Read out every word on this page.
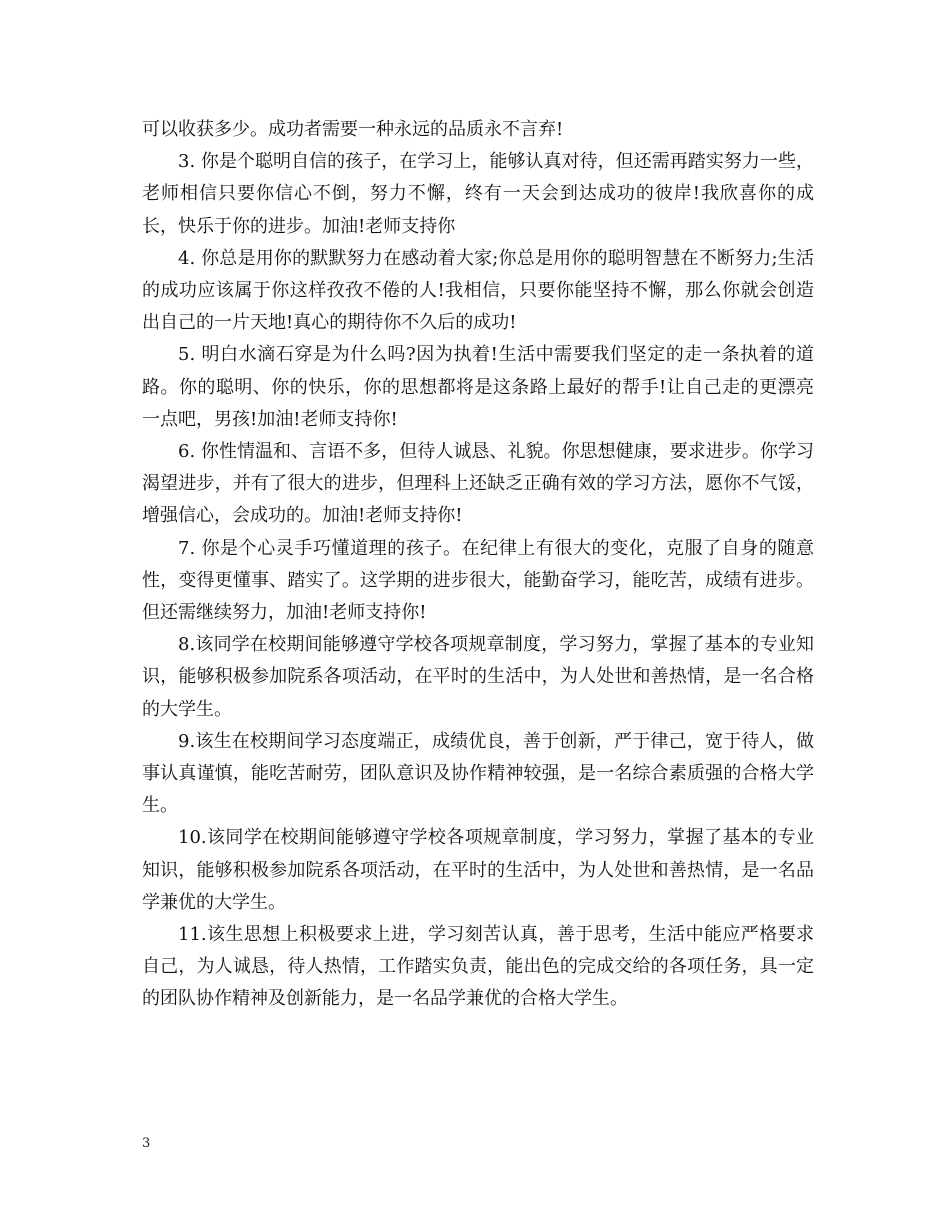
可以收获多少。成功者需要一种永远的品质永不言弃!

3. 你是个聪明自信的孩子，在学习上，能够认真对待，但还需再踏实努力一些，老师相信只要你信心不倒，努力不懈，终有一天会到达成功的彼岸!我欣喜你的成长，快乐于你的进步。加油!老师支持你

4. 你总是用你的默默努力在感动着大家;你总是用你的聪明智慧在不断努力;生活的成功应该属于你这样孜孜不倦的人!我相信，只要你能坚持不懈，那么你就会创造出自己的一片天地!真心的期待你不久后的成功!

5. 明白水滴石穿是为什么吗?因为执着!生活中需要我们坚定的走一条执着的道路。你的聪明、你的快乐，你的思想都将是这条路上最好的帮手!让自己走的更漂亮一点吧，男孩!加油!老师支持你!

6. 你性情温和、言语不多，但待人诚恳、礼貌。你思想健康，要求进步。你学习渴望进步，并有了很大的进步，但理科上还缺乏正确有效的学习方法，愿你不气馁，增强信心，会成功的。加油!老师支持你!

7. 你是个心灵手巧懂道理的孩子。在纪律上有很大的变化，克服了自身的随意性，变得更懂事、踏实了。这学期的进步很大，能勤奋学习，能吃苦，成绩有进步。但还需继续努力，加油!老师支持你!

8.该同学在校期间能够遵守学校各项规章制度，学习努力，掌握了基本的专业知识，能够积极参加院系各项活动，在平时的生活中，为人处世和善热情，是一名合格的大学生。

9.该生在校期间学习态度端正，成绩优良，善于创新，严于律己，宽于待人，做事认真谨慎，能吃苦耐劳，团队意识及协作精神较强，是一名综合素质强的合格大学生。

10.该同学在校期间能够遵守学校各项规章制度，学习努力，掌握了基本的专业知识，能够积极参加院系各项活动，在平时的生活中，为人处世和善热情，是一名品学兼优的大学生。

11.该生思想上积极要求上进，学习刻苦认真，善于思考，生活中能应严格要求自己，为人诚恳，待人热情，工作踏实负责，能出色的完成交给的各项任务，具一定的团队协作精神及创新能力，是一名品学兼优的合格大学生。

3
